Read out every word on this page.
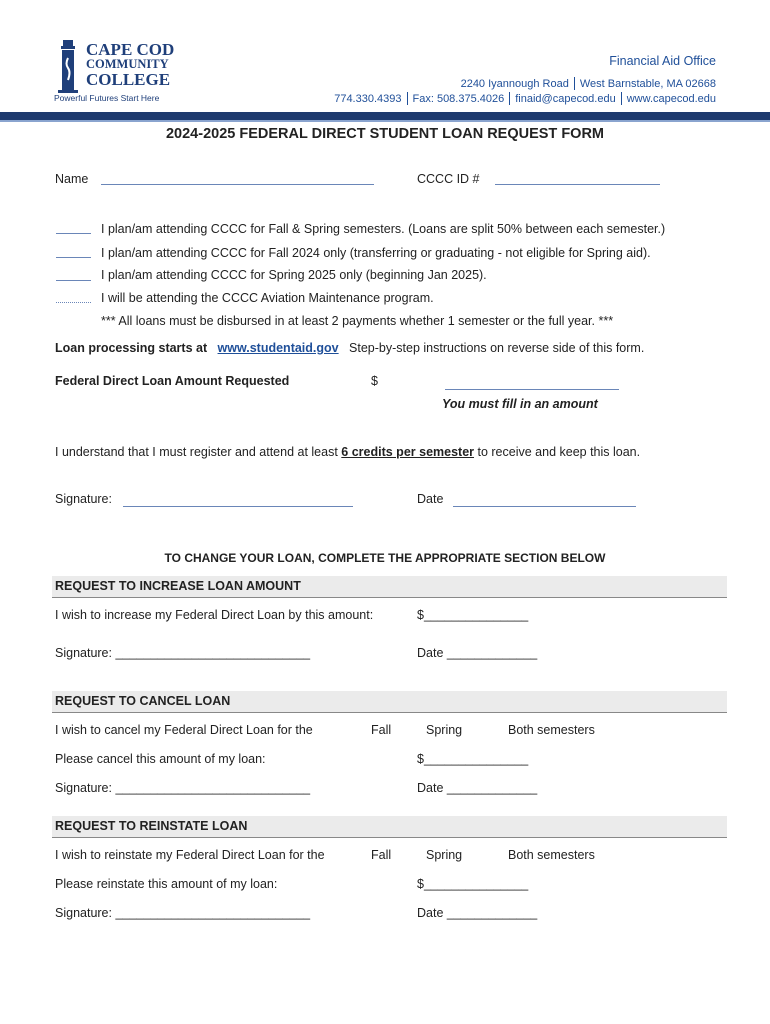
CAPE COD
COMMUNITY
COLLEGE
Powerful Futures Start Here
Financial Aid Office
2240 Iyannough Road West Barnstable, MA 02668
774.330.4393 Fax: 508.375.4026 finaid@capecod.edu www.capecod.edu
2024-2025 FEDERAL DIRECT STUDENT LOAN REQUEST FORM
Name	CCCC ID #
I plan/am attending CCCC for Fall & Spring semesters. (Loans are split 50% between each semester.)
I plan/am attending CCCC for Fall 2024 only (transferring or graduating - not eligible for Spring aid).
I plan/am attending CCCC for Spring 2025 only (beginning Jan 2025).
I will be attending the CCCC Aviation Maintenance program.
*** All loans must be disbursed in at least 2 payments whether 1 semester or the full year. ***
Loan processing starts at www.studentaid.gov Step-by-step instructions on reverse side of this form.
Federal Direct Loan Amount Requested	$
You must fill in an amount
I understand that I must register and attend at least 6 credits per semester to receive and keep this loan.
Signature:	Date
TO CHANGE YOUR LOAN, COMPLETE THE APPROPRIATE SECTION BELOW
REQUEST TO INCREASE LOAN AMOUNT
I wish to increase my Federal Direct Loan by this amount:	$_______________
Signature: ____________________________	Date _____________
REQUEST TO CANCEL LOAN
I wish to cancel my Federal Direct Loan for the	Fall	Spring	Both semesters
Please cancel this amount of my loan:	$_______________
Signature: ____________________________	Date _____________
REQUEST TO REINSTATE LOAN
I wish to reinstate my Federal Direct Loan for the	Fall	Spring	Both semesters
Please reinstate this amount of my loan:	$_______________
Signature: ____________________________	Date _____________
